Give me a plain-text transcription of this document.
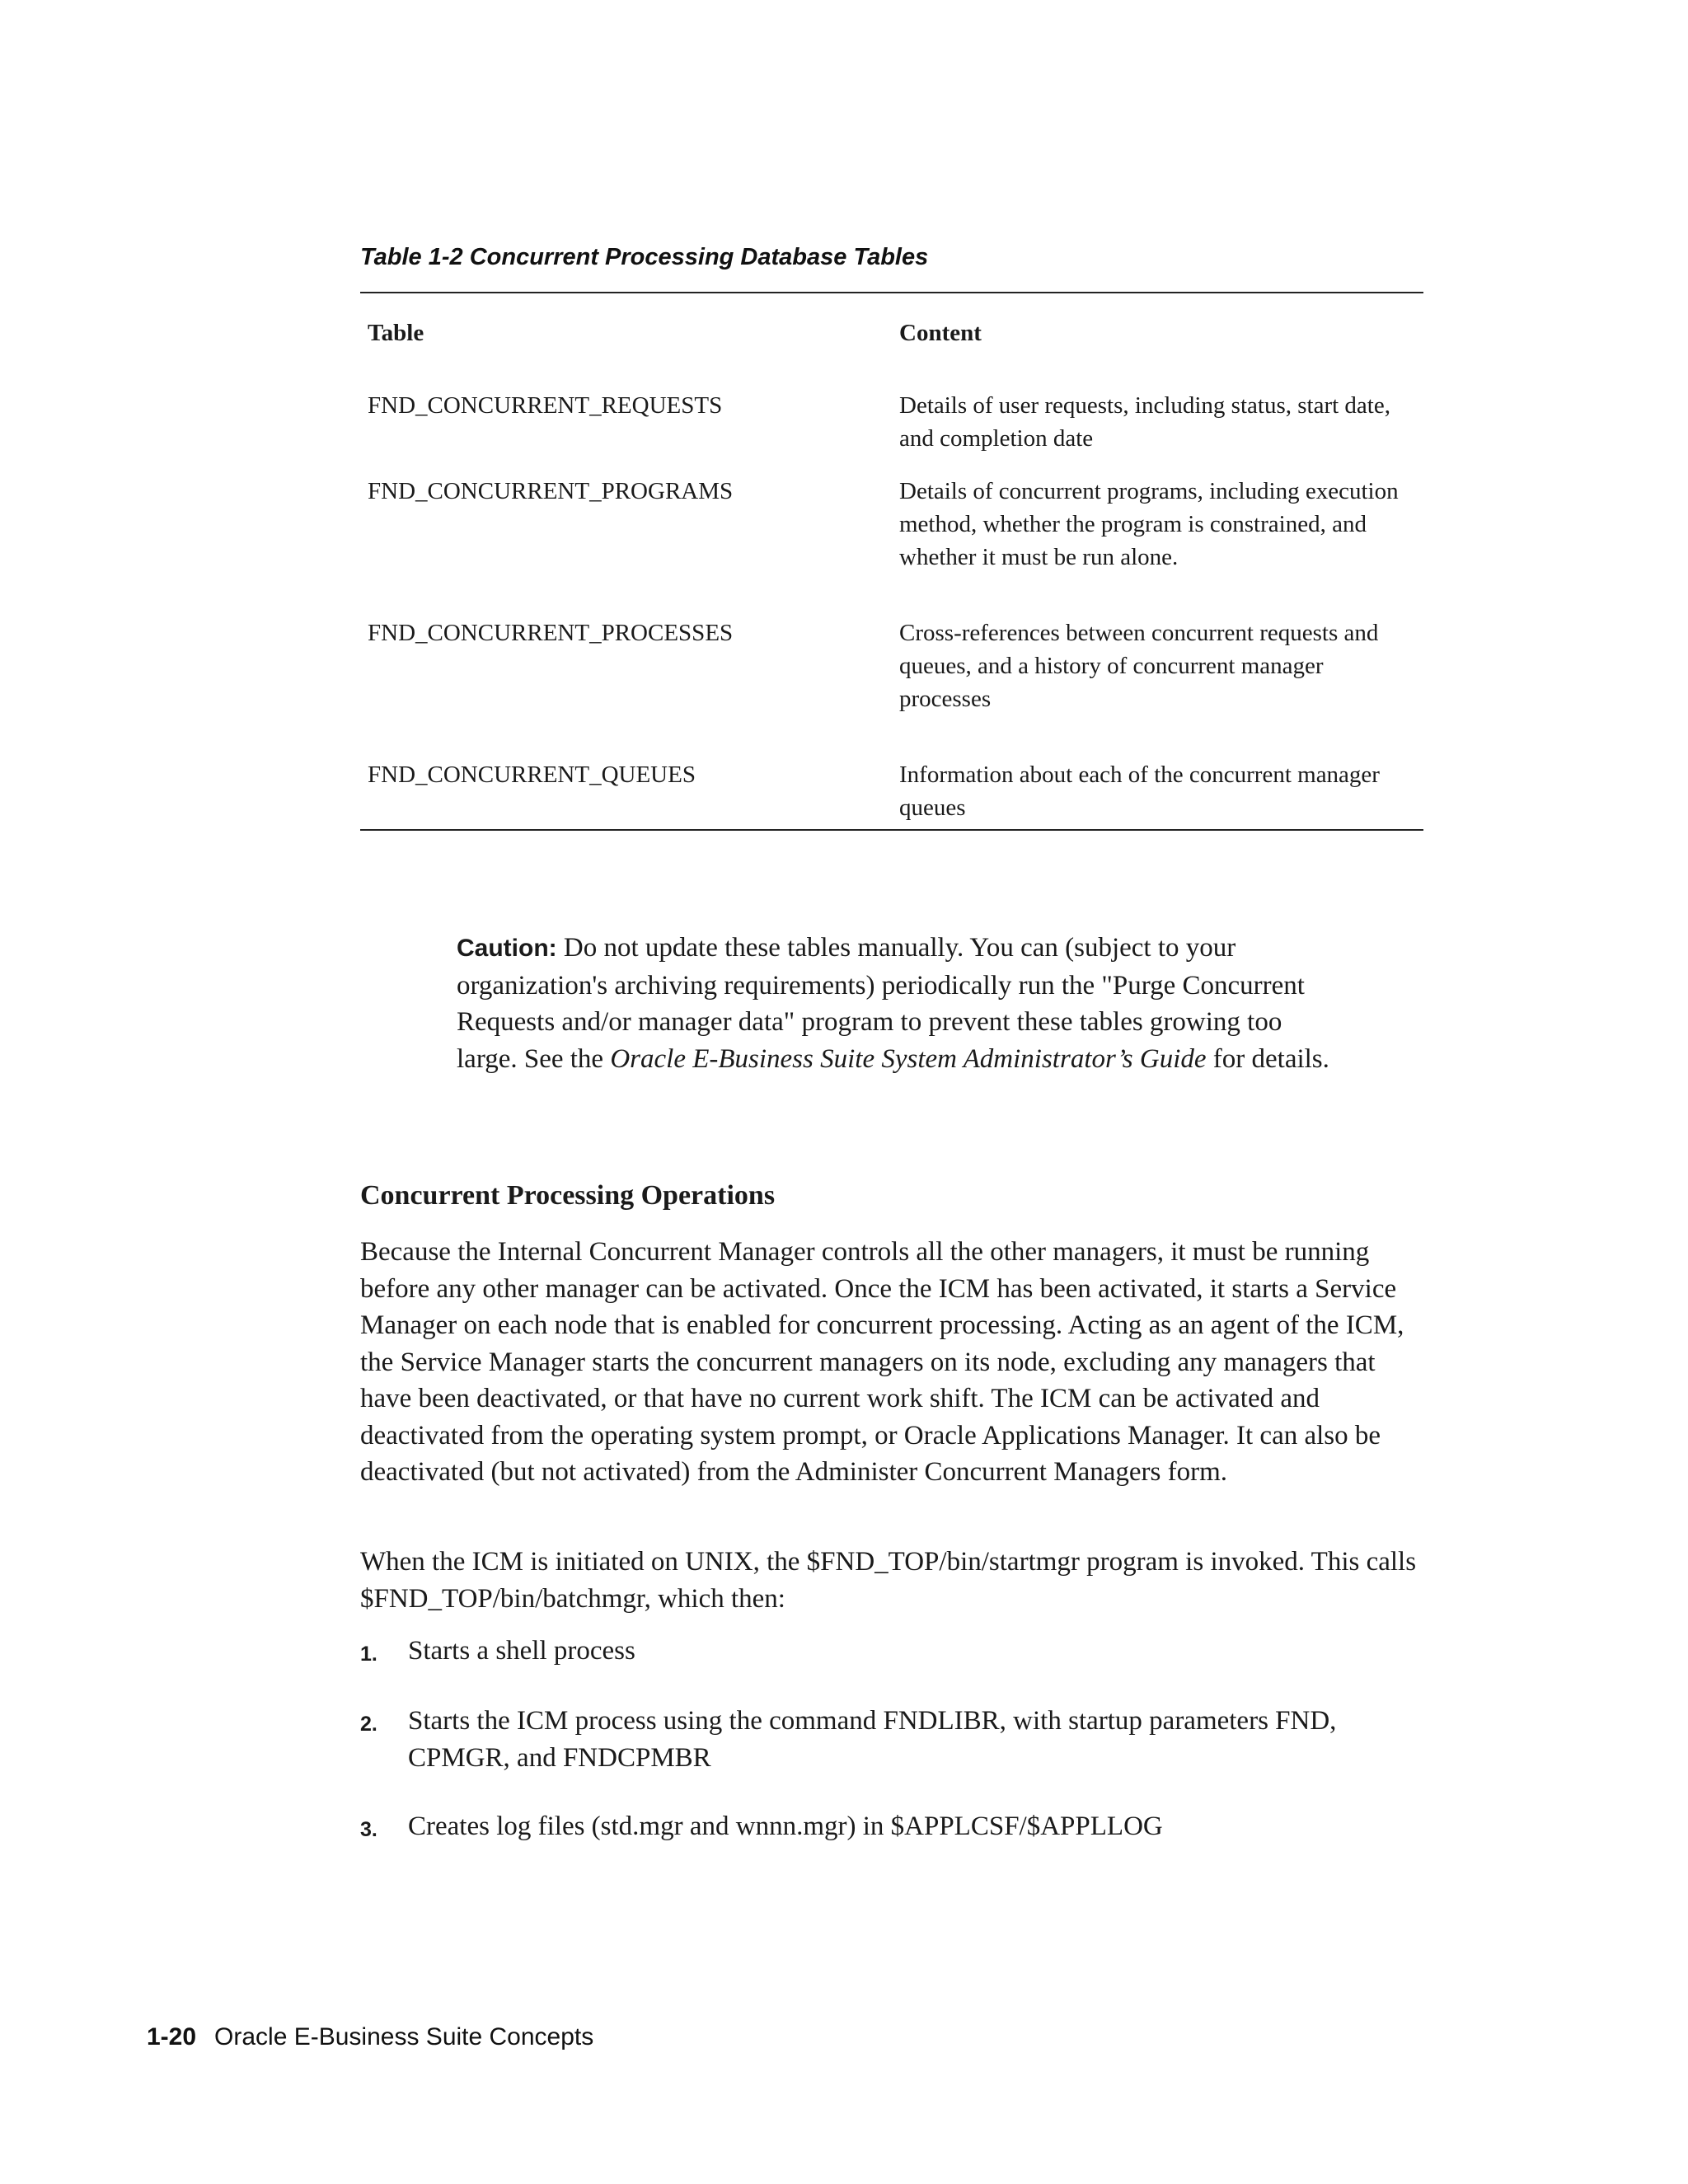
Table 1-2 Concurrent Processing Database Tables
Table	Content
FND_CONCURRENT_REQUESTS	Details of user requests, including status, start date, and completion date
FND_CONCURRENT_PROGRAMS	Details of concurrent programs, including execution method, whether the program is constrained, and whether it must be run alone.
FND_CONCURRENT_PROCESSES	Cross-references between concurrent requests and queues, and a history of concurrent manager processes
FND_CONCURRENT_QUEUES	Information about each of the concurrent manager queues
Caution: Do not update these tables manually. You can (subject to your organization's archiving requirements) periodically run the "Purge Concurrent Requests and/or manager data" program to prevent these tables growing too large. See the Oracle E-Business Suite System Administrator’s Guide for details.
Concurrent Processing Operations
Because the Internal Concurrent Manager controls all the other managers, it must be running before any other manager can be activated. Once the ICM has been activated, it starts a Service Manager on each node that is enabled for concurrent processing. Acting as an agent of the ICM, the Service Manager starts the concurrent managers on its node, excluding any managers that have been deactivated, or that have no current work shift. The ICM can be activated and deactivated from the operating system prompt, or Oracle Applications Manager. It can also be deactivated (but not activated) from the Administer Concurrent Managers form.
When the ICM is initiated on UNIX, the $FND_TOP/bin/startmgr program is invoked. This calls $FND_TOP/bin/batchmgr, which then:
1.	Starts a shell process
2.	Starts the ICM process using the command FNDLIBR, with startup parameters FND, CPMGR, and FNDCPMBR
3.	Creates log files (std.mgr and wnnn.mgr) in $APPLCSF/$APPLLOG
1-20 Oracle E-Business Suite Concepts
